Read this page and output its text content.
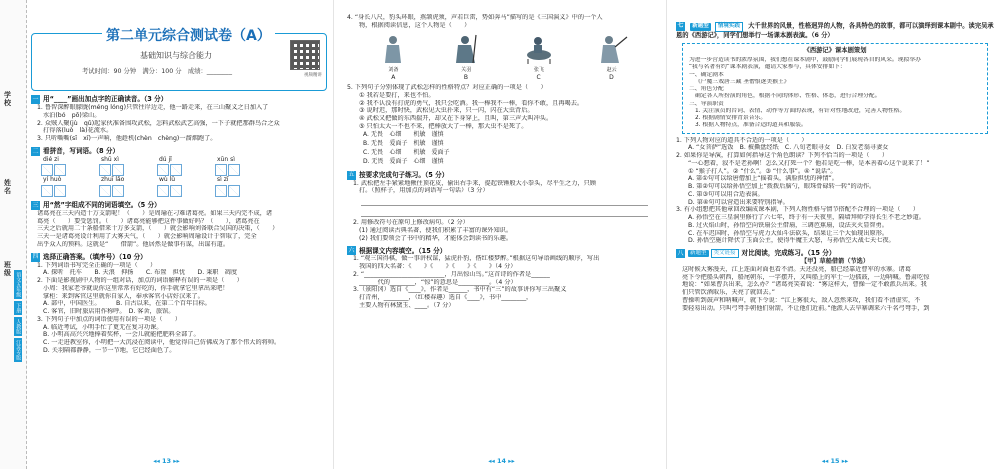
学校
姓名
班级 语文五年级
下册
人教版
江苏专版
第二单元综合测试卷（A）
基础知识与综合能力
考试时间：90 分钟　满分：100 分　成绩：________
视频精讲
一 用“____”画出加点字的正确读音。（3 分）
1. 鲁智深醉眼朦胧(méng lóng)只管往岸边走，他一路走来，在三山聚义之日加入了
水泊(bó　pō)梁山。
2. 众贼人聚(jù　qǔ)起家伙准备围攻武松，怎料武松武艺高强，一下子就把那群鸟合之众
打得落(luò　là)花流水。
3. 只听嘶嘶(sī　xī)一声响，他趁机(chèn　chèng)一溜烟跑了。
二 看拼音，写词语。（8 分）
dié zi	shū xì	dú jǐ	xūn sì
yí huò	zhuī lǎo	wù lǔ	sì zī
三 用“然”字组成不同的词语填空。（5 分）
诸葛亮在三天内造十万支箭呢！（　　）是周瑜在刁难诸葛亮。如果三天内完不成，诸
葛亮（　　）要受惩罚。（　　）诸葛亮能够把这件事做好吗？（　　），诸葛亮在
三天之后就用二十条船借来十万多支箭，（　　）就会影响刘备联合吴国的决策，（　　）
三天一是诸葛亮设计利用了大雾天气，（　　）就会影响周瑜设计于智取了，完全
出乎众人的预料。这就是“　　借箭”。他居然是做事有谋，出谋有道。
四 选择正确答案。（填序号）（10 分）
1. 下列词语书写完全正确的一项是（　　）
A. 探听　托车　　B. 天浪　抑扬　　C. 布置　担忧　　D. 秉职　凋度
2. 下面是影视剧中人物的一组对话，加点的词语解释有误的一项是（　　）
小周：我家老爷就说你这里常常有好吃的，你手就拿它里拿出来吧！
掌柜：来到客官这里就你自家人，奉承客官小店好汉来了。
A. 部中，中国医生。　　　B. 自古以来，在第二个百年目标。
C. 客官，旧时旅店用作称呼。　D. 客舍，旅馆。
3. 下列句子中加点的词语使用有误的一项是（　　）
A. 临近考试，小明手忙了更无在复习功课。
B. 小明高高兴兴地捧着奖杯，一会儿就能把肥料全部了。
C. 一走进教室你，小明把一大沉浸在阅读中，他觉得自己仿佛成为了那个伟大的将帅。
D. 关羽隔都静静，一节一节地，它已经面色了。
◂◂ 13 ▸▸
4. “身长八尺，豹头环眼，燕颔虎须，声若巨雷，势如奔马”描写的是《三国演义》中的一个人
物，根据阅读信息，这个人物是（　　）
刘备	关羽	张飞	赵云
A	B	C	D
5. 下列句子分别体现了武松怎样的性格特点？对应正确的一项是（　　）
① 我若是要打，来也不怕。
② 我不认没有打虎的勇气，我只会吃酒。我一棒我不一棒，看你不敢，且再喝去。
③ 说时迟，那时快，武松见大虫扑来，只一闪，闪在大虫背后。
④ 武松又把做的东西揣开，却又在下身穿上，且叫，第三声大叫冲头。
⑤ 只怕太大一不也不来，把棒放大了一棒，那大虫不是死了。
A. 无畏	心细	机敏	谨慎
B. 无畏	爱面子	机敏	谨慎
C. 无畏	心细	机敏	爱面子
D. 无畏	爱面子	心细	谨慎
五 按要求完成句子练习。（5 分）
1. 武松把左手紧紧地揪住顶花皮，偷出右手来，提起铁锤般大小拳头，尽平生之力，只顾
打。（照样子，用加点的词语写一句话）（3 分）
2. 用修改符号在原句上修改病句。（2 分）
(1) 通过阅读古典名著，使我们积累了丰富的课外知识。
(2) 我们要领会了书中的精华，才能体会到读书的乐趣。
六 根据课文内容填空。（15 分）
1. “观三国得棋，做一事讲权谋，猛虎扑豹，偕红楼梦醉。”根据这句导语画线的顺序，写出
我国的四大名著：《　　》《　　》《　　》《　　》（4 分）
2. “__________________________，月出惊山鸟。”这首诗的作者是______
______代的________，“惊”的意思是__________。（4 分）
3.（景阳冈）选自《____》，作者是______，书中有“三”的故事讲你写三出聚义
打青州，________，（红楼春趣）选自《____》，书中________，
主要人物有林黛玉、____。（7 分）
◂◂ 14 ▸▸
七 新题型 情境实践 大千世界的风景，性格迥异的人物，各具特色的故事，都可以演绎到课本剧中。读完吴承恩的《西游记》，同学们想举行一场课本剧表演。（6 分）
《西游记》课本剧策划
为进一步营造读书的浓厚氛围，我们想在课本剧中，鼓励同学们展现各自的风采。现拟举办
“我与名著有约”课本剧表演，邀请大家参与，具体安排如下：
一、确定剧本
《尸魔三戏唐三藏 圣僧恨逐美猴王》
二、角色分配
确定各人所扮演的角色，根据不同的体形、性格、体态，进行合理分配。
三、导演职责
1. 关注演员的台词、表情、动作等方面的表现，有针对性地改进，完善人物性格。
2. 根据剧情安排背景音乐。
3. 根据人物特点，准备合适的道具和服装。
1. 下列人物对应的道具不合适的一项是（　　）
A. “女菩萨”选饭　B. 被撕盘经纸　C. 八旬老眼寻女　D. 白发老翁寻妻女
2. 如果你是导演，打算如何指导这个角色朗读？下列不恰当的一项是（　　）
“一心想着，寂不是老孙啊！怎么又打死一个？他若是吃一棒，是本善着心这个说来了！”
① “猴子打人”。② “什么”。③ “什么事”。④ “说话”。
A. 第①句可以给唐僧加上“摇着头，满脸担忧的神情”。
B. 第②句可以给孙悟空加上“拨拨后脑勺，眼珠骨碌转一转”的动作。
C. 第③句可以用合适表演。
D. 第④句可以营造出来要特别指导。
3. 有小组想把其他章回改编成课本剧，下列人物性格与情节搭配不合理的一项是（　　）
A. 孙悟空在三星洞里修行了六七年，终于有一天夜里，隔墙拜师学得长生不老之妙道。
B. 过火焰山时，孙悟空向铁扇公主借扇，三调芭蕉扇，设法灭火显智勇。
C. 在车迟国时，孙悟空与虎力大仙斗法砍头，结果让三个大仙现出原形。
D. 孙悟空施计降伏了玉面公主，使得牛魔王大怒，与孙悟空大战七天七夜。
八	新题型	类文链接 对比阅读，完成练习。（15 分）
【甲】草船借箭（节选）
这时候大雾漫天，江上连面对面也看不清。天还没亮，船已经靠近曹军的水寨。诸葛
亮下令把船头朝西，船尾朝东，一字摆开，又叫船上的军士一边擂鼓，一边呐喊。鲁肃吃惊
地说：“如果曹兵出来，怎么办？”诸葛亮笑着说：“雾这样大，曹操一定不敢派兵出来。我
们只管饮酒取乐，天亮了就回去。”
曹操听到鼓声和呐喊声，就下令说：“江上雾很大，敌人忽然来攻，我们看不清虚实，不
要轻易出动。只叫弓弩手朝他们射箭，不让他们近前。”他派人去旱寨调来六千名弓弩手，到
◂◂ 15 ▸▸
